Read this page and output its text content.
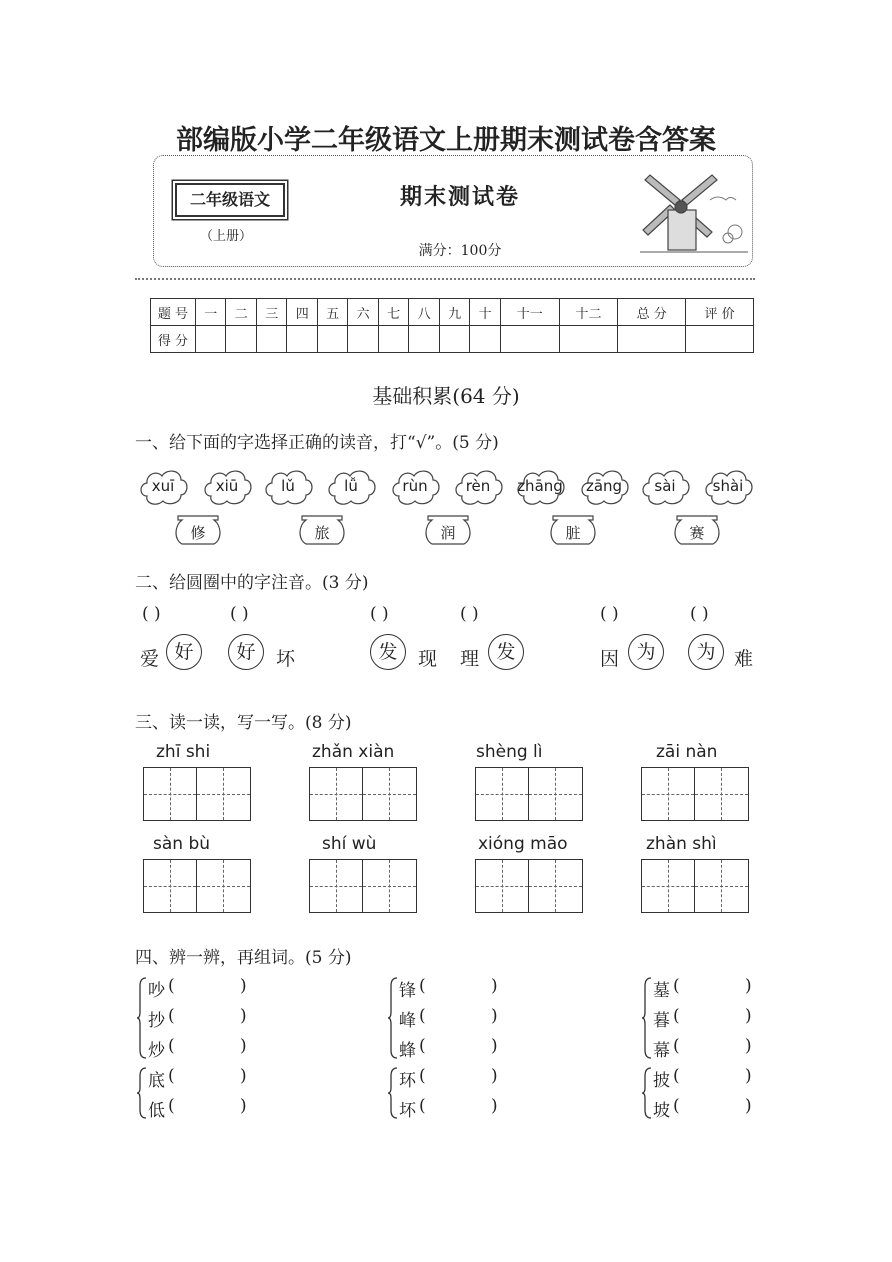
部编版小学二年级语文上册期末测试卷含答案
二年级语文
（上册）
期末测试卷
满分：100分
题 号	一	二	三	四	五	六	七	八	九	十	十一	十二	总 分	评 价
得 分														
基础积累(64 分)
一、给下面的字选择正确的读音，打“√”。(5 分)
xuī	xiū	lǔ	lǚ	rùn	rèn	zhāng	zāng	sài	shài
修	旅	润	脏	赛
二、给圆圈中的字注音。(3 分)
( )	( )	( )	( )	( )	( )
爱 好	好	坏	发	现 理 发	因 为	为 难
三、读一读，写一写。(8 分)
zhī shi	zhǎn xiàn	shèng lì	zāi nàn
sàn bù	shí wù	xióng māo	zhàn shì
四、辨一辨，再组词。(5 分)
吵 (	)
抄 (	)
炒 (	)
底 (	)
低 (	)
锋 (	)
峰 (	)
蜂 (	)
环 (	)
坏 (	)
墓 (	)
暮 (	)
幕 (	)
披 (	)
坡 (	)
